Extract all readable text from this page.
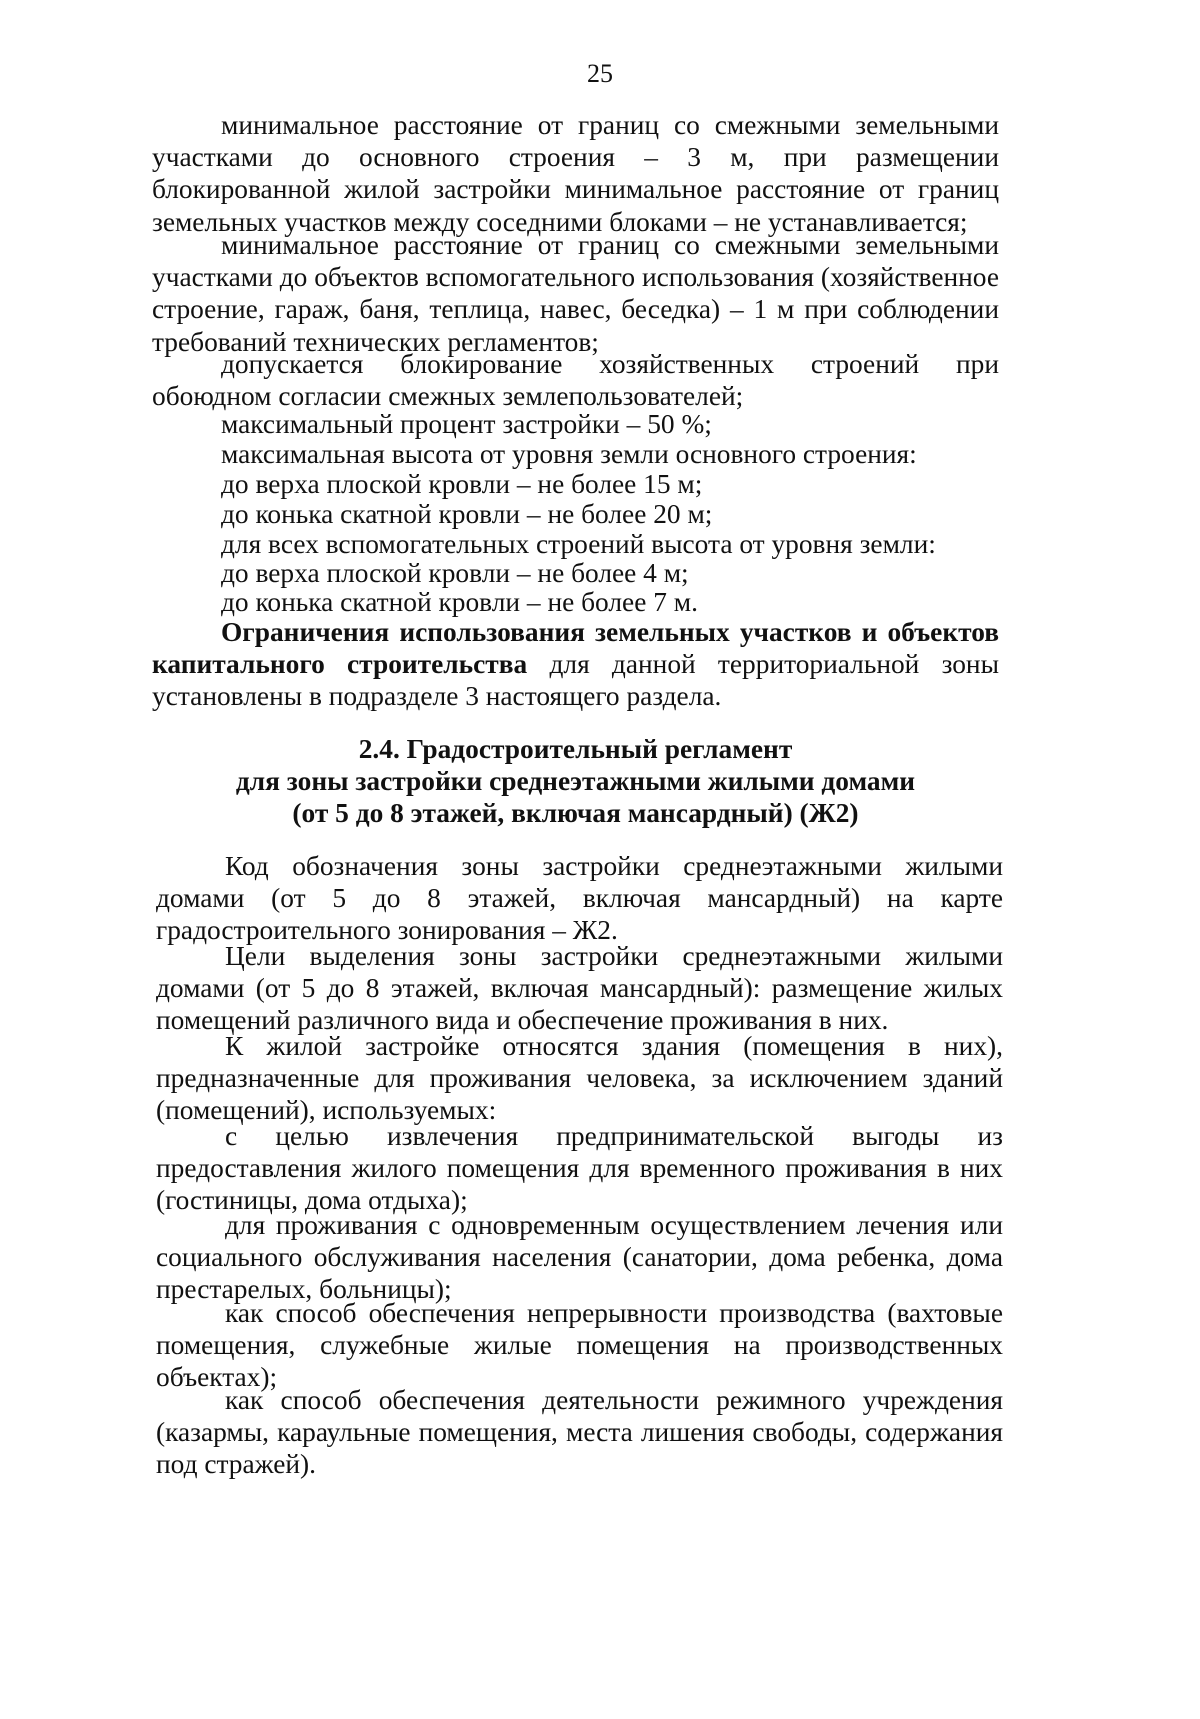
25

минимальное расстояние от границ со смежными земельными участками до основного строения – 3 м, при размещении блокированной жилой застройки минимальное расстояние от границ земельных участков между соседними блоками – не устанавливается;

минимальное расстояние от границ со смежными земельными участками до объектов вспомогательного использования (хозяйственное строение, гараж, баня, теплица, навес, беседка) – 1 м при соблюдении требований технических регламентов;

допускается блокирование хозяйственных строений при обоюдном согласии смежных землепользователей;

максимальный процент застройки – 50 %;

максимальная высота от уровня земли основного строения:

до верха плоской кровли – не более 15 м;

до конька скатной кровли – не более 20 м;

для всех вспомогательных строений высота от уровня земли:

до верха плоской кровли – не более 4 м;

до конька скатной кровли – не более 7 м.

Ограничения использования земельных участков и объектов капитального строительства для данной территориальной зоны установлены в подразделе 3 настоящего раздела.

2.4. Градостроительный регламент
для зоны застройки среднеэтажными жилыми домами
(от 5 до 8 этажей, включая мансардный) (Ж2)

Код обозначения зоны застройки среднеэтажными жилыми домами (от 5 до 8 этажей, включая мансардный) на карте градостроительного зонирования – Ж2.

Цели выделения зоны застройки среднеэтажными жилыми домами (от 5 до 8 этажей, включая мансардный): размещение жилых помещений различного вида и обеспечение проживания в них.

К жилой застройке относятся здания (помещения в них), предназначенные для проживания человека, за исключением зданий (помещений), используемых:

с целью извлечения предпринимательской выгоды из предоставления жилого помещения для временного проживания в них (гостиницы, дома отдыха);

для проживания с одновременным осуществлением лечения или социального обслуживания населения (санатории, дома ребенка, дома престарелых, больницы);

как способ обеспечения непрерывности производства (вахтовые помещения, служебные жилые помещения на производственных объектах);

как способ обеспечения деятельности режимного учреждения (казармы, караульные помещения, места лишения свободы, содержания под стражей).
